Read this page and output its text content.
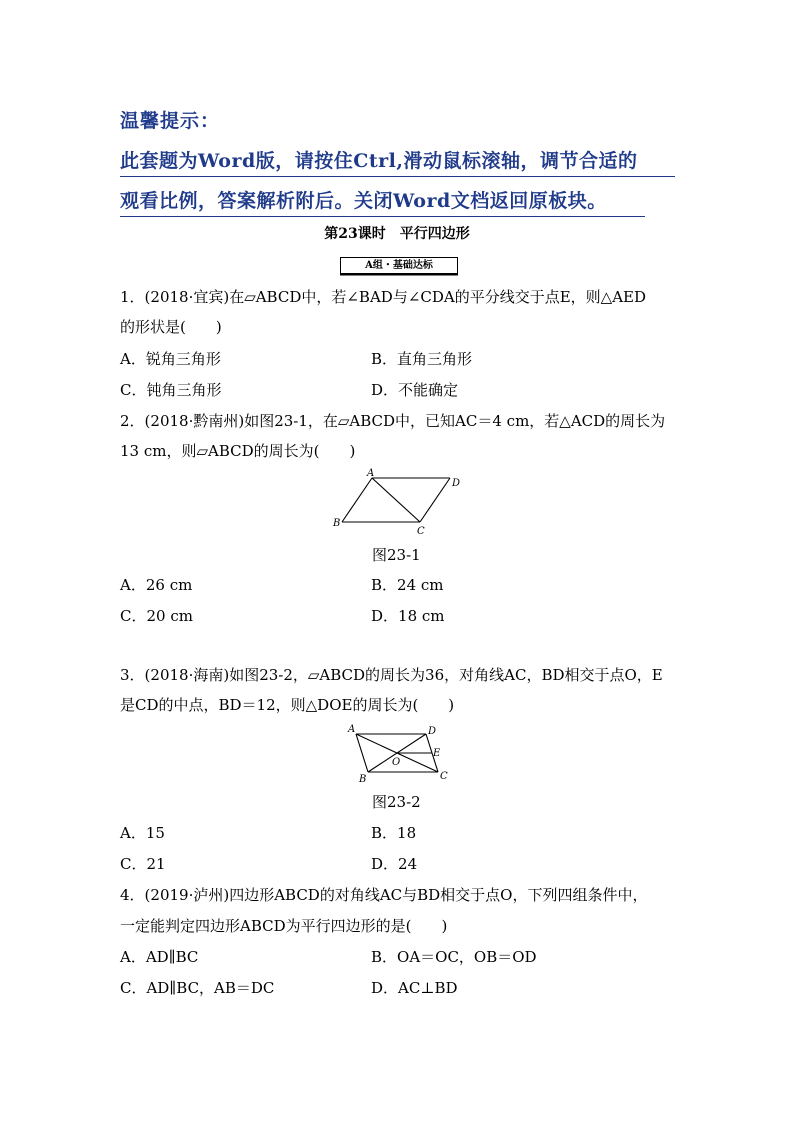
温馨提示：
此套题为Word版，请按住Ctrl,滑动鼠标滚轴，调节合适的
观看比例，答案解析附后。关闭Word文档返回原板块。
第23课时　平行四边形
A组・基础达标
1．(2018·宜宾)在▱ABCD中，若∠BAD与∠CDA的平分线交于点E，则△AED
的形状是(　　)
A．锐角三角形	B．直角三角形
C．钝角三角形	D．不能确定
2．(2018·黔南州)如图23-1，在▱ABCD中，已知AC＝4 cm，若△ACD的周长为
13 cm，则▱ABCD的周长为(　　)
A
D
B
C
图23-1
A．26 cm	B．24 cm
C．20 cm	D．18 cm
3．(2018·海南)如图23-2，▱ABCD的周长为36，对角线AC，BD相交于点O，E
是CD的中点，BD＝12，则△DOE的周长为(　　)
A	D
E
O
B	C
图23-2
A．15	B．18
C．21	D．24
4．(2019·泸州)四边形ABCD的对角线AC与BD相交于点O，下列四组条件中，
一定能判定四边形ABCD为平行四边形的是(　　)
A．AD∥BC	B．OA＝OC，OB＝OD
C．AD∥BC，AB＝DC	D．AC⊥BD
